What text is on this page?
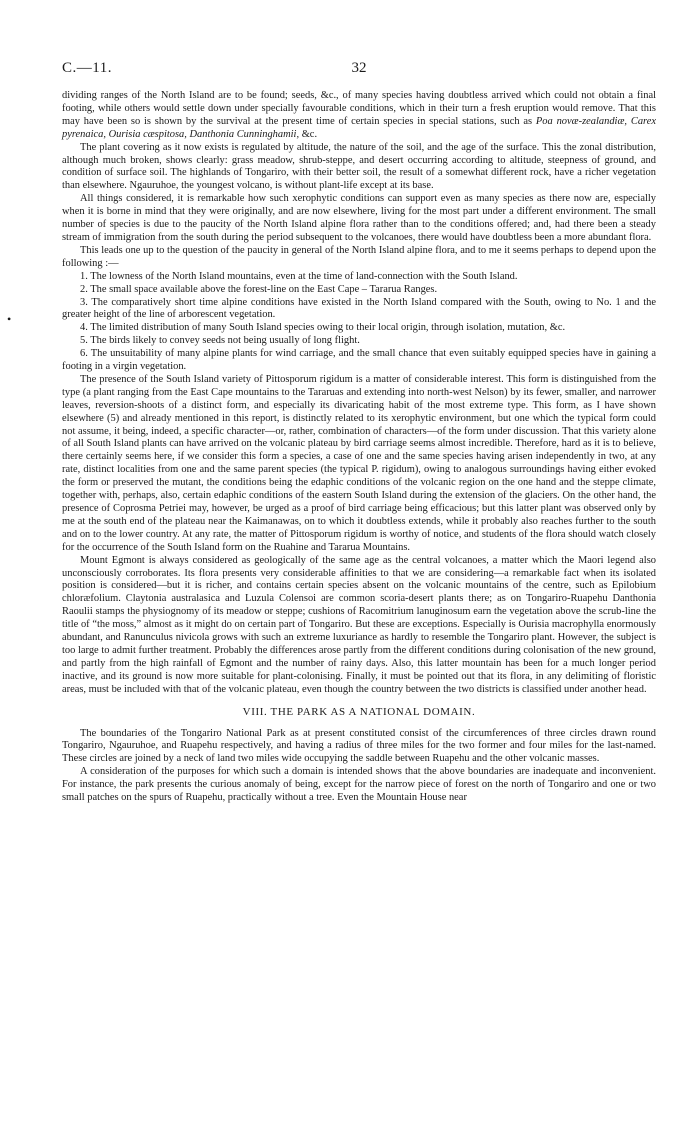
C.—11.	32
•

dividing ranges of the North Island are to be found; seeds, &c., of many species having doubtless arrived which could not obtain a final footing, while others would settle down under specially favourable conditions, which in their turn a fresh eruption would remove. That this may have been so is shown by the survival at the present time of certain species in special stations, such as Poa novæ-zealandiæ, Carex pyrenaica, Ourisia cæspitosa, Danthonia Cunninghamii, &c.

The plant covering as it now exists is regulated by altitude, the nature of the soil, and the age of the surface. This the zonal distribution, although much broken, shows clearly: grass meadow, shrub-steppe, and desert occurring according to altitude, steepness of ground, and condition of surface soil. The highlands of Tongariro, with their better soil, the result of a somewhat different rock, have a richer vegetation than elsewhere. Ngauruhoe, the youngest volcano, is without plant-life except at its base.

All things considered, it is remarkable how such xerophytic conditions can support even as many species as there now are, especially when it is borne in mind that they were originally, and are now elsewhere, living for the most part under a different environment. The small number of species is due to the paucity of the North Island alpine flora rather than to the conditions offered; and, had there been a steady stream of immigration from the south during the period subsequent to the volcanoes, there would have doubtless been a more abundant flora.

This leads one up to the question of the paucity in general of the North Island alpine flora, and to me it seems perhaps to depend upon the following :—

1. The lowness of the North Island mountains, even at the time of land-connection with the South Island.

2. The small space available above the forest-line on the East Cape – Tararua Ranges.

3. The comparatively short time alpine conditions have existed in the North Island compared with the South, owing to No. 1 and the greater height of the line of arborescent vegetation.

4. The limited distribution of many South Island species owing to their local origin, through isolation, mutation, &c.

5. The birds likely to convey seeds not being usually of long flight.

6. The unsuitability of many alpine plants for wind carriage, and the small chance that even suitably equipped species have in gaining a footing in a virgin vegetation.

The presence of the South Island variety of Pittosporum rigidum is a matter of considerable interest. This form is distinguished from the type (a plant ranging from the East Cape mountains to the Tararuas and extending into north-west Nelson) by its fewer, smaller, and narrower leaves, reversion-shoots of a distinct form, and especially its divaricating habit of the most extreme type. This form, as I have shown elsewhere (5) and already mentioned in this report, is distinctly related to its xerophytic environment, but one which the typical form could not assume, it being, indeed, a specific character—or, rather, combination of characters—of the form under discussion. That this variety alone of all South Island plants can have arrived on the volcanic plateau by bird carriage seems almost incredible. Therefore, hard as it is to believe, there certainly seems here, if we consider this form a species, a case of one and the same species having arisen independently in two, at any rate, distinct localities from one and the same parent species (the typical P. rigidum), owing to analogous surroundings having either evoked the form or preserved the mutant, the conditions being the edaphic conditions of the volcanic region on the one hand and the steppe climate, together with, perhaps, also, certain edaphic conditions of the eastern South Island during the extension of the glaciers. On the other hand, the presence of Coprosma Petriei may, however, be urged as a proof of bird carriage being efficacious; but this latter plant was observed only by me at the south end of the plateau near the Kaimanawas, on to which it doubtless extends, while it probably also reaches further to the south and on to the lower country. At any rate, the matter of Pittosporum rigidum is worthy of notice, and students of the flora should watch closely for the occurrence of the South Island form on the Ruahine and Tararua Mountains.

Mount Egmont is always considered as geologically of the same age as the central volcanoes, a matter which the Maori legend also unconsciously corroborates. Its flora presents very considerable affinities to that we are considering—a remarkable fact when its isolated position is considered—but it is richer, and contains certain species absent on the volcanic mountains of the centre, such as Epilobium chloræfolium. Claytonia australasica and Luzula Colensoi are common scoria-desert plants there; as on Tongariro-Ruapehu Danthonia Raoulii stamps the physiognomy of its meadow or steppe; cushions of Racomitrium lanuginosum earn the vegetation above the scrub-line the title of “the moss,” almost as it might do on certain part of Tongariro. But these are exceptions. Especially is Ourisia macrophylla enormously abundant, and Ranunculus nivicola grows with such an extreme luxuriance as hardly to resemble the Tongariro plant. However, the subject is too large to admit further treatment. Probably the differences arose partly from the different conditions during colonisation of the new ground, and partly from the high rainfall of Egmont and the number of rainy days. Also, this latter mountain has been for a much longer period inactive, and its ground is now more suitable for plant-colonising. Finally, it must be pointed out that its flora, in any delimiting of floristic areas, must be included with that of the volcanic plateau, even though the country between the two districts is classified under another head.

VIII. THE PARK AS A NATIONAL DOMAIN.

The boundaries of the Tongariro National Park as at present constituted consist of the circumferences of three circles drawn round Tongariro, Ngauruhoe, and Ruapehu respectively, and having a radius of three miles for the two former and four miles for the last-named. These circles are joined by a neck of land two miles wide occupying the saddle between Ruapehu and the other volcanic masses.

A consideration of the purposes for which such a domain is intended shows that the above boundaries are inadequate and inconvenient. For instance, the park presents the curious anomaly of being, except for the narrow piece of forest on the north of Tongariro and one or two small patches on the spurs of Ruapehu, practically without a tree. Even the Mountain House near
